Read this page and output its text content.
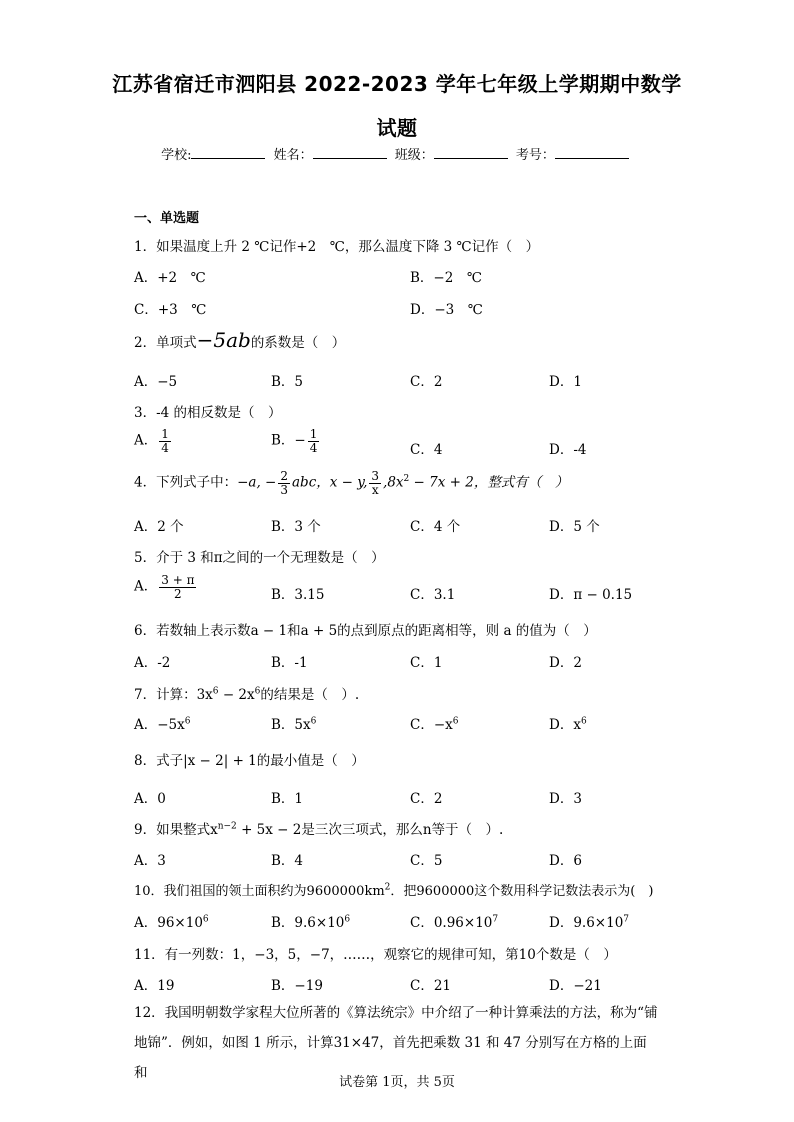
江苏省宿迁市泗阳县 2022-2023 学年七年级上学期期中数学
试题
学校:	姓名：	班级：	考号：
一、单选题
1．如果温度上升 2 ℃记作+2　℃，那么温度下降 3 ℃记作（　）
A．+2　℃	B．−2　℃
C．+3　℃	D．−3　℃
2．单项式−5ab的系数是（　）
A．−5	B．5	C．2	D．1
3．-4 的相反数是（　）
A． $\frac{1}{4}$	B．− $\frac{1}{4}$	C．4	D．-4
4．下列式子中：−a, − $\frac{2}{3}$ abc，x − y, $\frac{3}{x} ,8x^2 - 7x + 2$，整式有（　）
A．2 个	B．3 个	C．4 个	D．5 个
5．介于 3 和π之间的一个无理数是（　）
A． $\frac{3 + \pi}{2}$	B．3.15	C．3.1	D．π − 0.15
6．若数轴上表示数a − 1和a + 5的点到原点的距离相等，则 a 的值为（　）
A．-2	B．-1	C．1	D．2
7．计算：$3x^6 - 2x^6$的结果是（　）.
A．$-5x^6$	B．$5x^6$	C．$-x^6$	D．$x^6$
8．式子|x − 2| + 1的最小值是（　）
A．0	B．1	C．2	D．3
9．如果整式$x^{n-2} + 5x - 2$是三次三项式，那么n等于（　）.
A．3	B．4	C．5	D．6
10．我们祖国的领土面积约为$9600000km^2$．把9600000这个数用科学记数法表示为(　)
A．$96\times 10^6$	B．$9.6\times 10^6$	C．$0.96\times 10^7$	D．$9.6\times 10^7$
11．有一列数：1，−3，5，−7，……，观察它的规律可知，第10个数是（　）
A．19	B．−19	C．21	D．−21
12．我国明朝数学家程大位所著的《算法统宗》中介绍了一种计算乘法的方法，称为“铺地锦”．例如，如图 1 所示，计算31×47，首先把乘数 31 和 47 分别写在方格的上面和
试卷第 1页，共 5页
